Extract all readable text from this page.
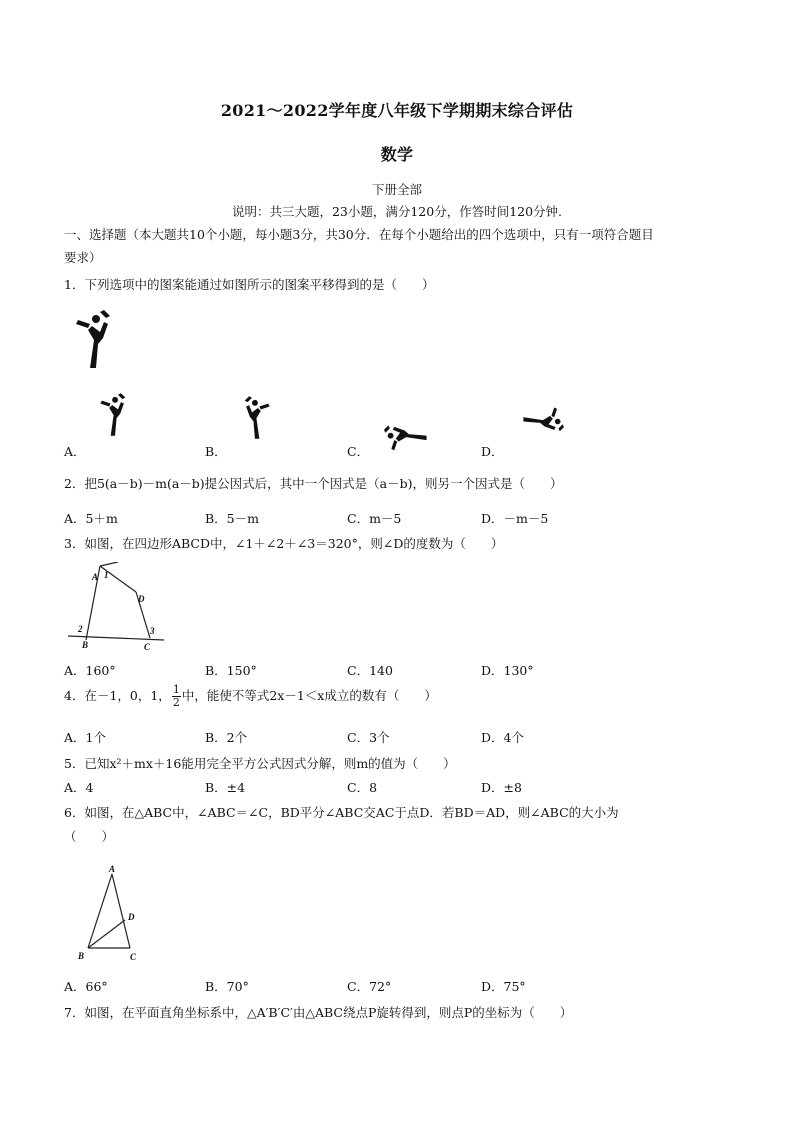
2021～2022学年度八年级下学期期末综合评估
数学
下册全部
说明：共三大题，23小题，满分120分，作答时间120分钟.
一、选择题（本大题共10个小题，每小题3分，共30分．在每个小题给出的四个选项中，只有一项符合题目
要求）
1．下列选项中的图案能通过如图所示的图案平移得到的是（　　）
A．	B．	C．	D．
2．把5(a－b)－m(a－b)提公因式后，其中一个因式是（a－b)，则另一个因式是（　　）
A．5＋m	B．5－m	C．m－5	D．－m－5
3．如图，在四边形ABCD中，∠1＋∠2＋∠3＝320°，则∠D的度数为（　　）
A 1
D
2
B	C
3
A．160°	B．150°	C．140	D．130°
4．在－1，0，1， $\frac{1}{2}$ 中，能使不等式2x－1＜x成立的数有（　　）
A．1个	B．2个	C．3个	D．4个
5．已知x²＋mx＋16能用完全平方公式因式分解，则m的值为（　　）
A．4	B．±4	C．8	D．±8
6．如图，在△ABC中，∠ABC＝∠C，BD平分∠ABC交AC于点D．若BD＝AD，则∠ABC的大小为
（　　）
A
D
B	C
A．66°	B．70°	C．72°	D．75°
7．如图，在平面直角坐标系中，△A′B′C′由△ABC绕点P旋转得到，则点P的坐标为（　　）
